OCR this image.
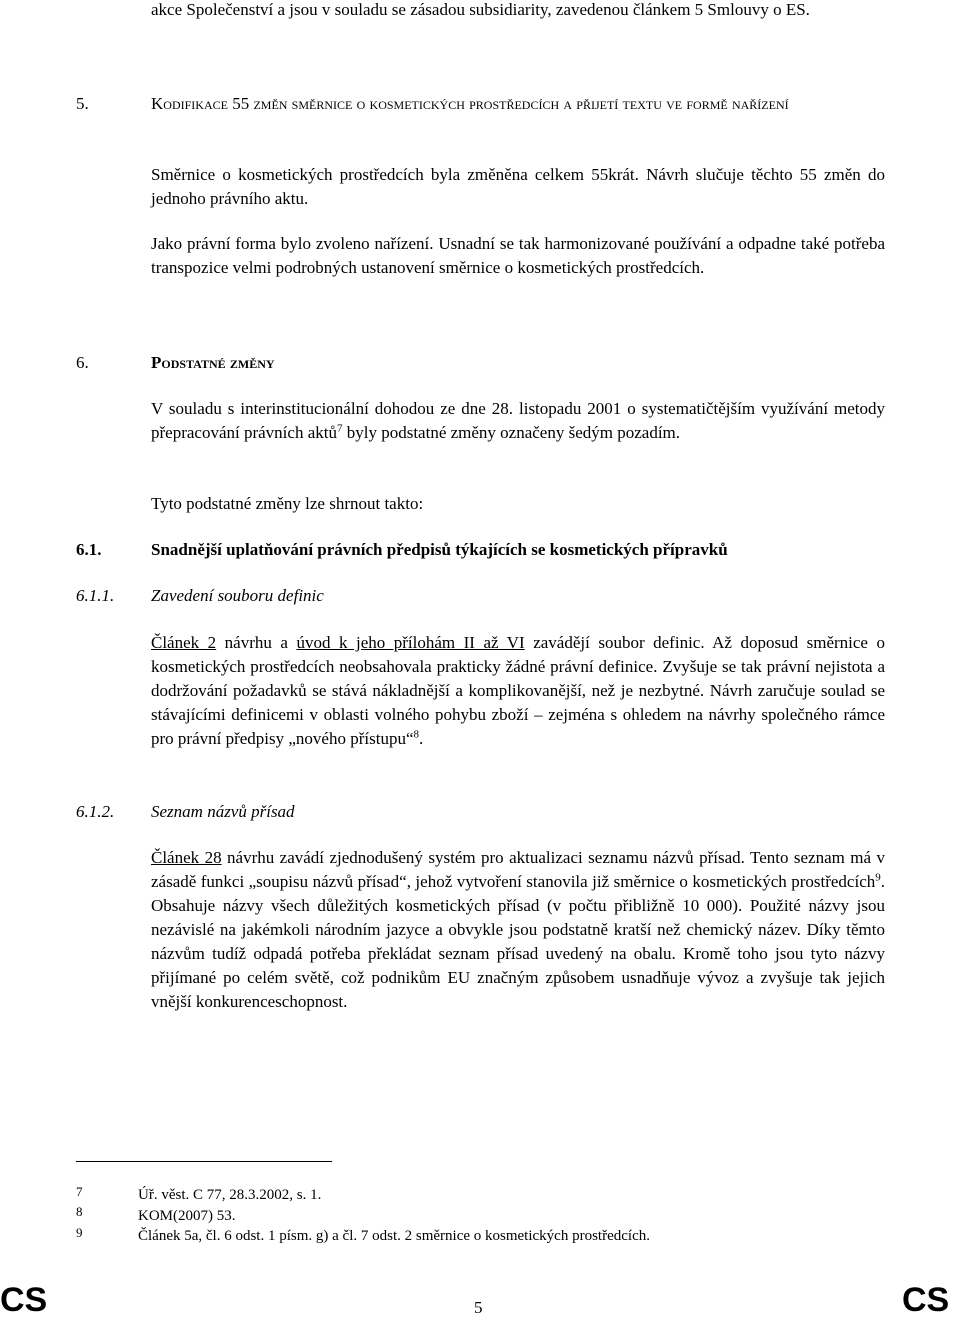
akce Společenství a jsou v souladu se zásadou subsidiarity, zavedenou článkem 5 Smlouvy o ES.

5.	Kodifikace 55 změn směrnice o kosmetických prostředcích a přijetí textu ve formě nařízení

Směrnice o kosmetických prostředcích byla změněna celkem 55krát. Návrh slučuje těchto 55 změn do jednoho právního aktu.

Jako právní forma bylo zvoleno nařízení. Usnadní se tak harmonizované používání a odpadne také potřeba transpozice velmi podrobných ustanovení směrnice o kosmetických prostředcích.

6.	Podstatné změny

V souladu s interinstitucionální dohodou ze dne 28. listopadu 2001 o systematičtějším využívání metody přepracování právních aktů$^7$ byly podstatné změny označeny šedým pozadím.

Tyto podstatné změny lze shrnout takto:

6.1.	Snadnější uplatňování právních předpisů týkajících se kosmetických přípravků
6.1.1. Zavedení souboru definic

Článek 2 návrhu a úvod k jeho přílohám II až VI zavádějí soubor definic. Až doposud směrnice o kosmetických prostředcích neobsahovala prakticky žádné právní definice. Zvyšuje se tak právní nejistota a dodržování požadavků se stává nákladnější a komplikovanější, než je nezbytné. Návrh zaručuje soulad se stávajícími definicemi v oblasti volného pohybu zboží – zejména s ohledem na návrhy společného rámce pro právní předpisy „nového přístupu“$^8$.

6.1.2. Seznam názvů přísad

Článek 28 návrhu zavádí zjednodušený systém pro aktualizaci seznamu názvů přísad. Tento seznam má v zásadě funkci „soupisu názvů přísad“, jehož vytvoření stanovila již směrnice o kosmetických prostředcích$^9$. Obsahuje názvy všech důležitých kosmetických přísad (v počtu přibližně 10 000). Použité názvy jsou nezávislé na jakémkoli národním jazyce a obvykle jsou podstatně kratší než chemický název. Díky těmto názvům tudíž odpadá potřeba překládat seznam přísad uvedený na obalu. Kromě toho jsou tyto názvy přijímané po celém světě, což podnikům EU značným způsobem usnadňuje vývoz a zvyšuje tak jejich vnější konkurenceschopnost.

7	Úř. věst. C 77, 28.3.2002, s. 1.
8	KOM(2007) 53.
9	Článek 5a, čl. 6 odst. 1 písm. g) a čl. 7 odst. 2 směrnice o kosmetických prostředcích.
CS	5	CS
